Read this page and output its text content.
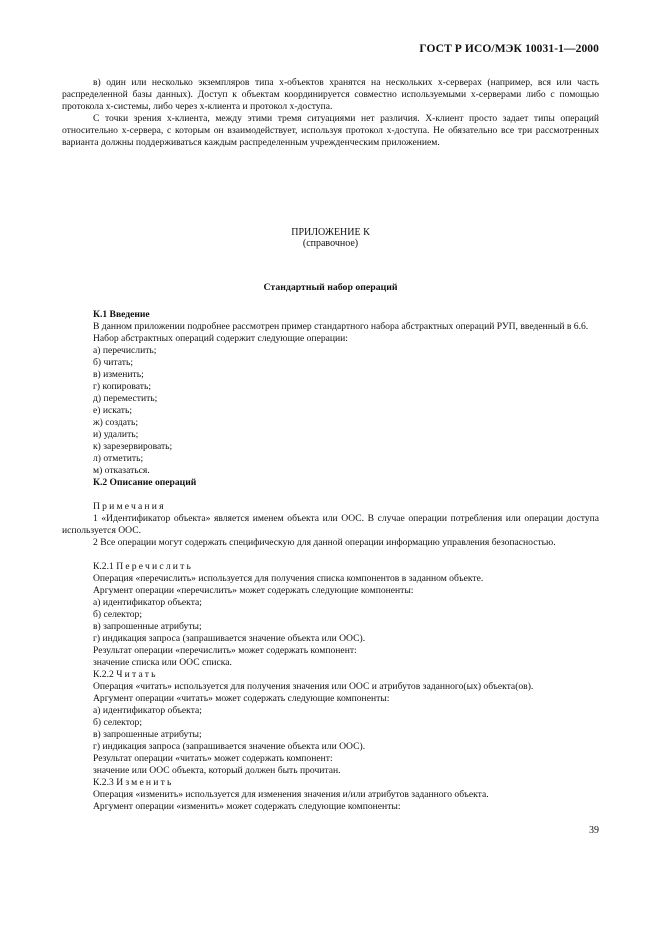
ГОСТ Р ИСО/МЭК 10031-1—2000

в) один или несколько экземпляров типа x-объектов хранятся на нескольких x-серверах (например, вся или часть распределенной базы данных). Доступ к объектам координируется совместно используемыми x-серверами либо с помощью протокола x-системы, либо через x-клиента и протокол x-доступа.

С точки зрения x-клиента, между этими тремя ситуациями нет различия. X-клиент просто задает типы операций относительно x-сервера, с которым он взаимодействует, используя протокол x-доступа. Не обязательно все три рассмотренных варианта должны поддерживаться каждым распределенным учрежденческим приложением.

ПРИЛОЖЕНИЕ К
(справочное)
Стандартный набор операций

К.1 Введение

В данном приложении подробнее рассмотрен пример стандартного набора абстрактных операций РУП, введенный в 6.6.

Набор абстрактных операций содержит следующие операции:

а) перечислить;

б) читать;

в) изменить;

г) копировать;

д) переместить;

е) искать;

ж) создать;

и) удалить;

к) зарезервировать;

л) отметить;

м) отказаться.

К.2 Описание операций

Примечания

1 «Идентификатор объекта» является именем объекта или ООС. В случае операции потребления или операции доступа используется ООС.

2 Все операции могут содержать специфическую для данной операции информацию управления безопасностью.

К.2.1 Перечислить

Операция «перечислить» используется для получения списка компонентов в заданном объекте.

Аргумент операции «перечислить» может содержать следующие компоненты:

а) идентификатор объекта;

б) селектор;

в) запрошенные атрибуты;

г) индикация запроса (запрашивается значение объекта или ООС).

Результат операции «перечислить» может содержать компонент:

значение списка или ООС списка.

К.2.2 Читать

Операция «читать» используется для получения значения или ООС и атрибутов заданного(ых) объекта(ов).

Аргумент операции «читать» может содержать следующие компоненты:

а) идентификатор объекта;

б) селектор;

в) запрошенные атрибуты;

г) индикация запроса (запрашивается значение объекта или ООС).

Результат операции «читать» может содержать компонент:

значение или ООС объекта, который должен быть прочитан.

К.2.3 Изменить

Операция «изменить» используется для изменения значения и/или атрибутов заданного объекта.

Аргумент операции «изменить» может содержать следующие компоненты:

39
